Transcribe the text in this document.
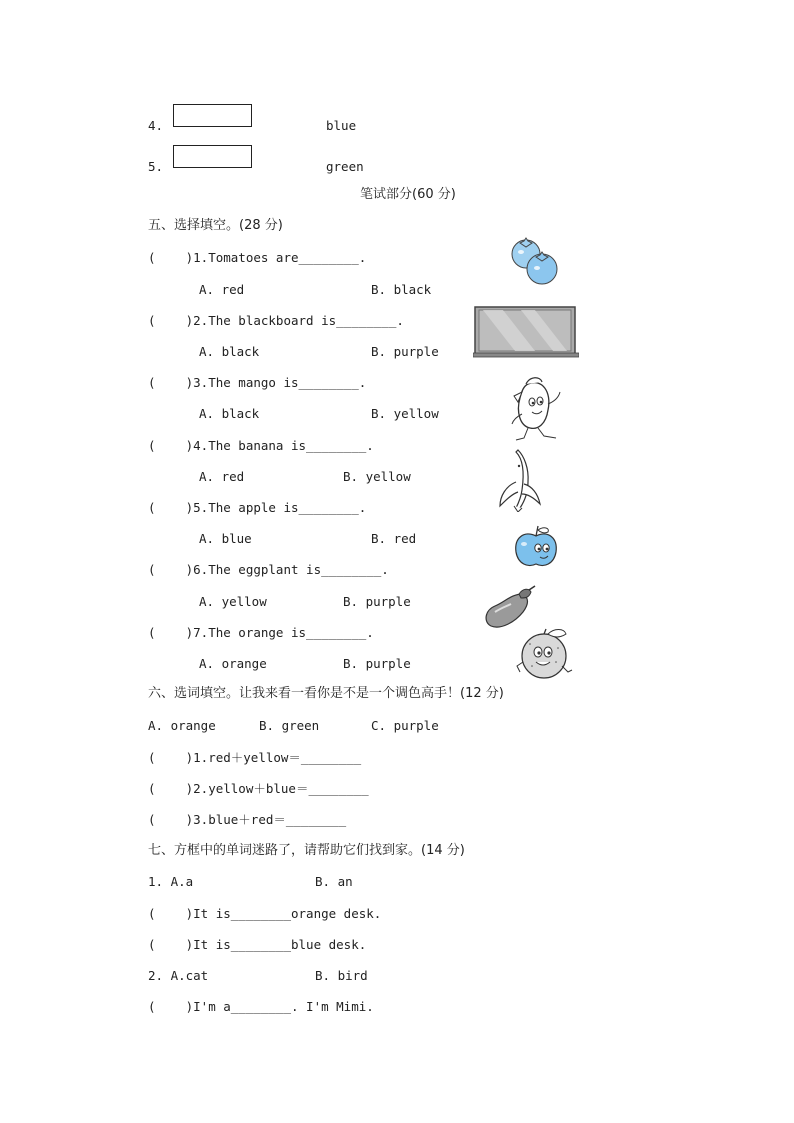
4.	blue
5.	green
笔试部分(60 分)
五、选择填空。(28 分)
(    )1.Tomatoes are________.
A. red	B. black
(    )2.The blackboard is________.
A. black	B. purple
(    )3.The mango is________.
A. black	B. yellow
(    )4.The banana is________.
A. red	B. yellow
(    )5.The apple is________.
A. blue	B. red
(    )6.The eggplant is________.
A. yellow	B. purple
(    )7.The orange is________.
A. orange	B. purple
六、选词填空。让我来看一看你是不是一个调色高手！(12 分)
A. orange	B. green	C. purple
(    )1.red＋yellow＝________
(    )2.yellow＋blue＝________
(    )3.blue＋red＝________
七、方框中的单词迷路了，请帮助它们找到家。(14 分)
1. A.a	B. an
(    )It is________orange desk.
(    )It is________blue desk.
2. A.cat	B. bird
(    )I'm a________. I'm Mimi.
